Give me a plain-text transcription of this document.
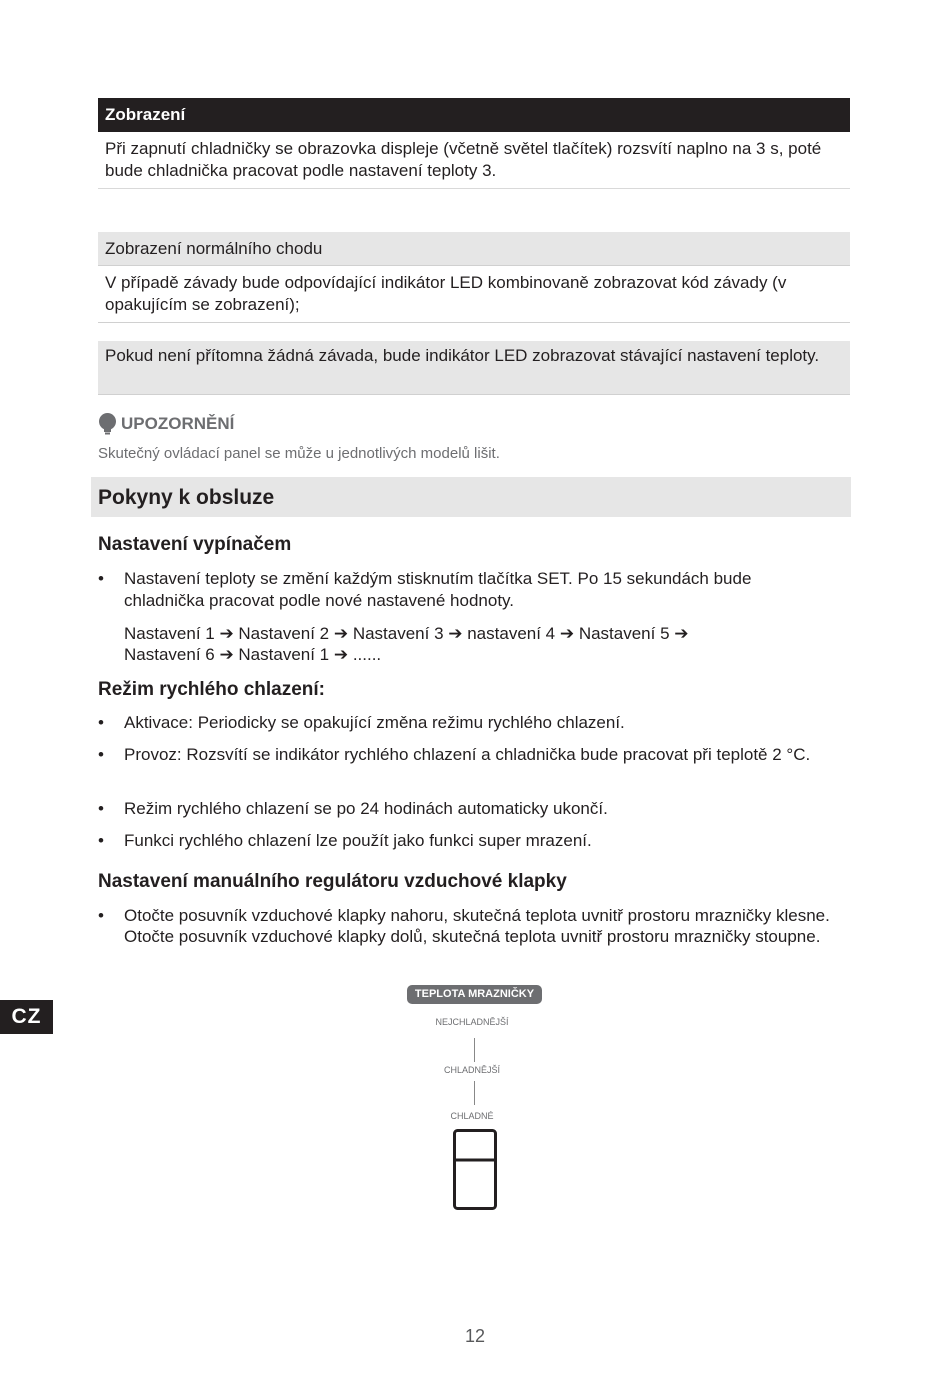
Zobrazení
Při zapnutí chladničky se obrazovka displeje (včetně světel tlačítek) rozsvítí naplno na 3 s, poté bude chladnička pracovat podle nastavení teploty 3.
Zobrazení normálního chodu
V případě závady bude odpovídající indikátor LED kombinovaně zobrazovat kód závady (v opakujícím se zobrazení);
Pokud není přítomna žádná závada, bude indikátor LED zobrazovat stávající nastavení teploty.
UPOZORNĚNÍ
Skutečný ovládací panel se může u jednotlivých modelů lišit.
Pokyny k obsluze
Nastavení vypínačem
•	Nastavení teploty se změní každým stisknutím tlačítka SET. Po 15 sekundách bude
chladnička pracovat podle nové nastavené hodnoty.
Nastavení 1 ➔ Nastavení 2 ➔ Nastavení 3 ➔ nastavení 4 ➔ Nastavení 5 ➔
Nastavení 6 ➔ Nastavení 1 ➔ ......
Režim rychlého chlazení:
•	Aktivace: Periodicky se opakující změna režimu rychlého chlazení.
•	Provoz: Rozsvítí se indikátor rychlého chlazení a chladnička bude pracovat při teplotě 2 °C.
•	Režim rychlého chlazení se po 24 hodinách automaticky ukončí.
•	Funkci rychlého chlazení lze použít jako funkci super mrazení.
Nastavení manuálního regulátoru vzduchové klapky
•	Otočte posuvník vzduchové klapky nahoru, skutečná teplota uvnitř prostoru mrazničky klesne. Otočte posuvník vzduchové klapky dolů, skutečná teplota uvnitř prostoru mrazničky stoupne.
CZ
TEPLOTA MRAZNIČKY
NEJCHLADNĚJŠÍ
CHLADNĚJŠÍ
CHLADNÉ
12
